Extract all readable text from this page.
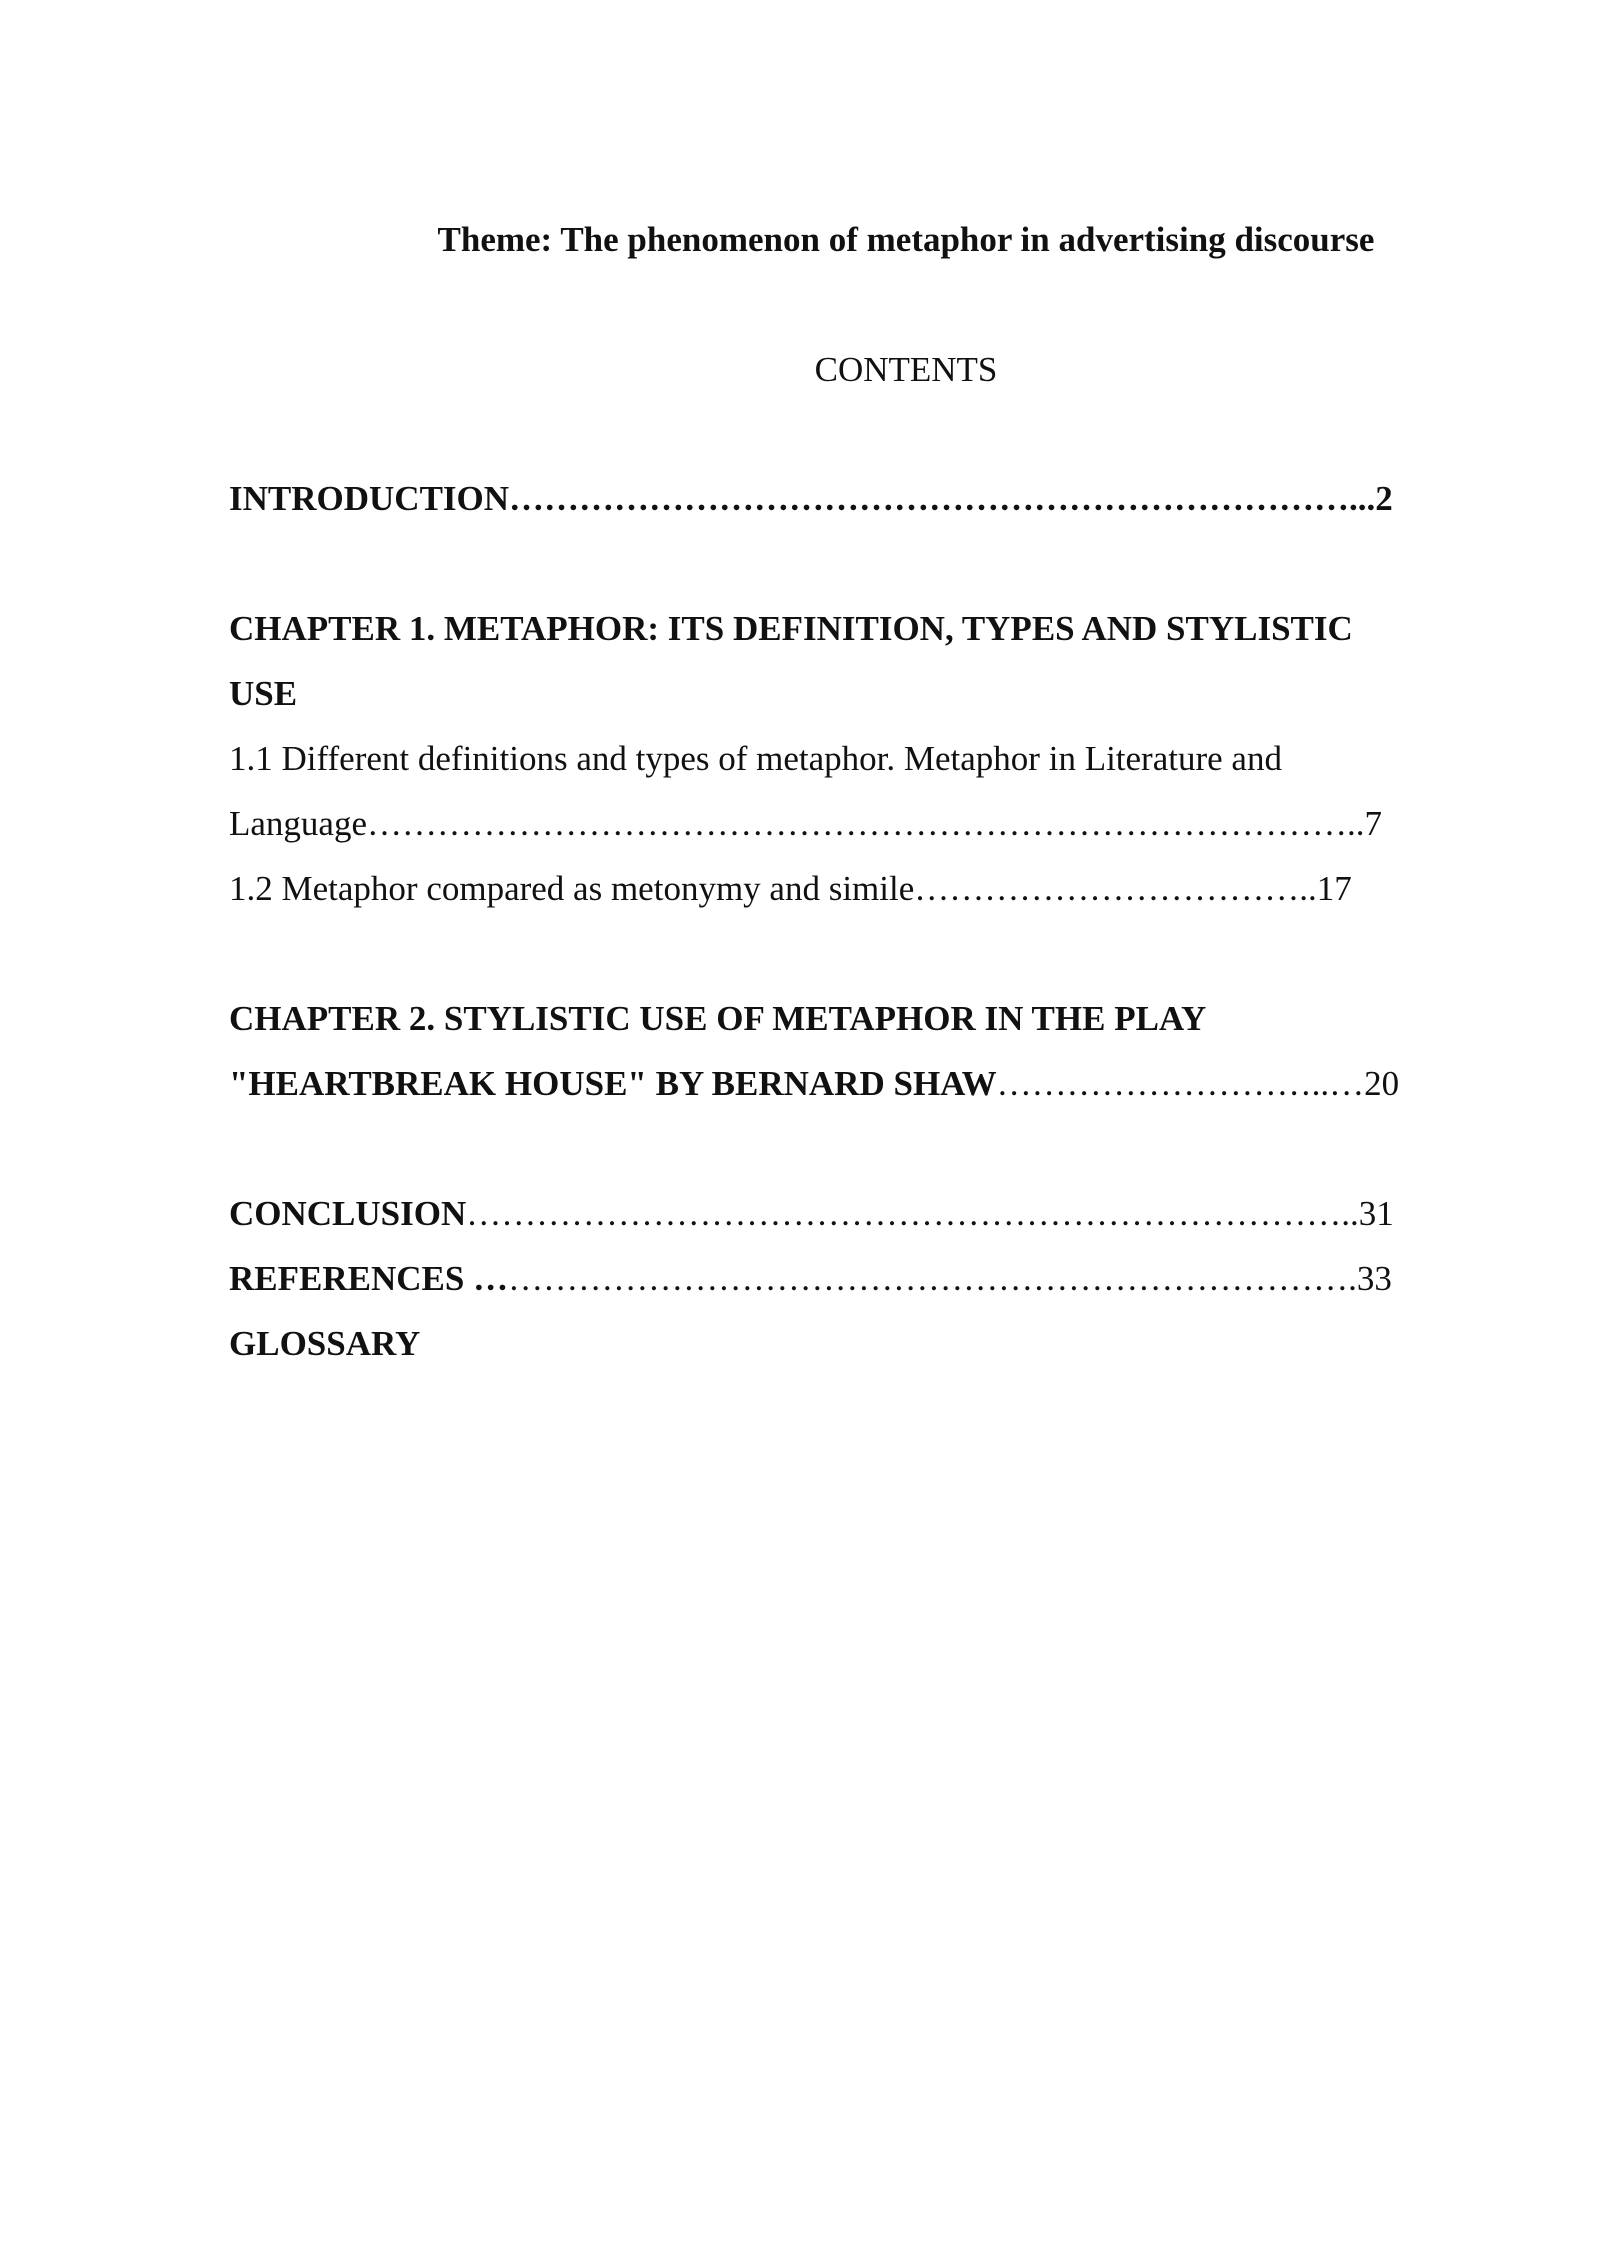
Theme: The phenomenon of metaphor in advertising discourse
CONTENTS
INTRODUCTION………………………………………………………………...2
CHAPTER 1. METAPHOR: ITS DEFINITION, TYPES AND STYLISTIC
USE
1.1 Different definitions and types of metaphor. Metaphor in Literature and
Language…………………………………………………………………………..7
1.2 Metaphor compared as metonymy and simile……………………………..17
CHAPTER 2. STYLISTIC USE OF METAPHOR IN THE PLAY
"HEARTBREAK HOUSE" BY BERNARD SHAW………………………..…20
CONCLUSION…………………………………………………………………..31
REFERENCES ………………………………………………………………….33
GLOSSARY
